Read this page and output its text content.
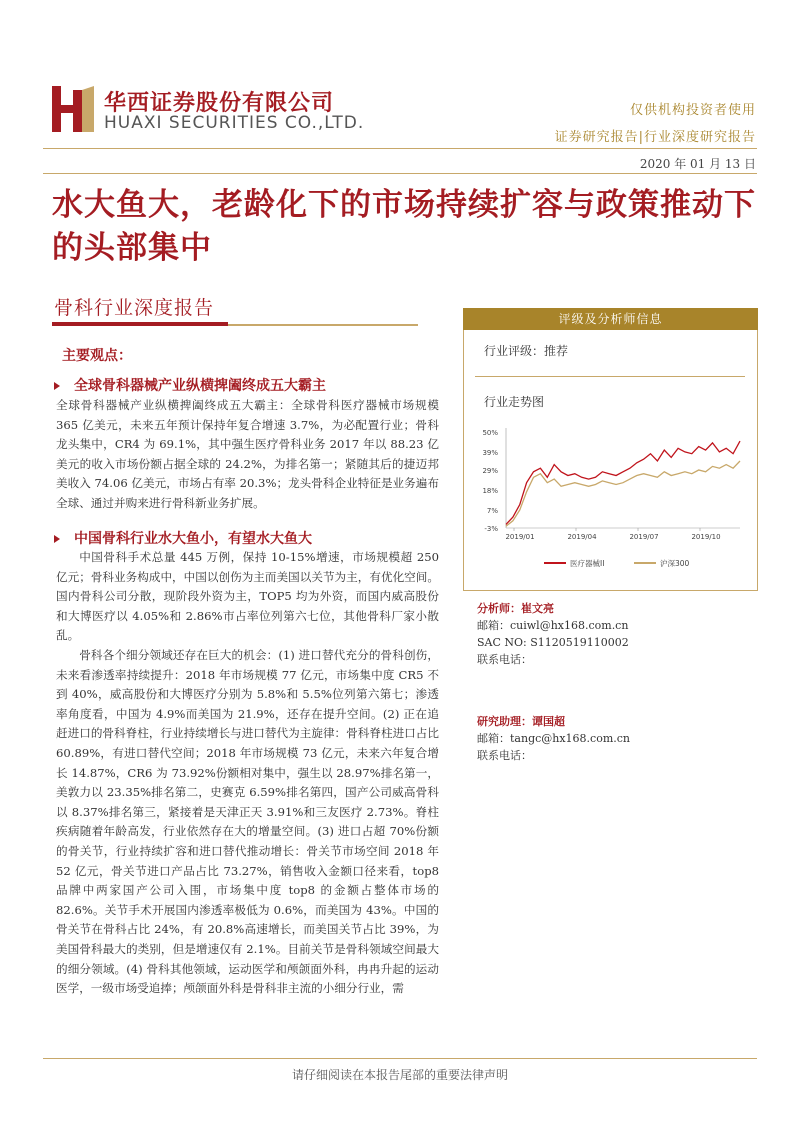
华西证券股份有限公司
HUAXI SECURITIES CO.,LTD.
仅供机构投资者使用
证券研究报告|行业深度研究报告
2020 年 01 月 13 日
水大鱼大，老龄化下的市场持续扩容与政策推动下的头部集中
骨科行业深度报告
主要观点：
全球骨科器械产业纵横捭阖终成五大霸主
全球骨科器械产业纵横捭阖终成五大霸主：全球骨科医疗器械市场规模 365 亿美元，未来五年预计保持年复合增速 3.7%，为必配置行业；骨科龙头集中，CR4 为 69.1%，其中强生医疗骨科业务 2017 年以 88.23 亿美元的收入市场份额占据全球的 24.2%，为排名第一；紧随其后的捷迈邦美收入 74.06 亿美元，市场占有率 20.3%；龙头骨科企业特征是业务遍布全球、通过并购来进行骨科新业务扩展。
中国骨科行业水大鱼小，有望水大鱼大
中国骨科手术总量 445 万例，保持 10-15%增速，市场规模超 250 亿元；骨科业务构成中，中国以创伤为主而美国以关节为主，有优化空间。国内骨科公司分散，现阶段外资为主，TOP5 均为外资，而国内威高股份和大博医疗以 4.05%和 2.86%市占率位列第六七位，其他骨科厂家小散乱。
骨科各个细分领域还存在巨大的机会：(1) 进口替代充分的骨科创伤，未来看渗透率持续提升：2018 年市场规模 77 亿元，市场集中度 CR5 不到 40%，威高股份和大博医疗分别为 5.8%和 5.5%位列第六第七；渗透率角度看，中国为 4.9%而美国为 21.9%，还存在提升空间。(2) 正在追赶进口的骨科脊柱，行业持续增长与进口替代为主旋律：骨科脊柱进口占比 60.89%，有进口替代空间；2018 年市场规模 73 亿元，未来六年复合增长 14.87%，CR6 为 73.92%份额相对集中，强生以 28.97%排名第一，美敦力以 23.35%排名第二，史赛克 6.59%排名第四，国产公司威高骨科以 8.37%排名第三，紧接着是天津正天 3.91%和三友医疗 2.73%。脊柱疾病随着年龄高发，行业依然存在大的增量空间。(3) 进口占超 70%份额的骨关节，行业持续扩容和进口替代推动增长：骨关节市场空间 2018 年 52 亿元，骨关节进口产品占比 73.27%，销售收入金额口径来看，top8 品牌中两家国产公司入围，市场集中度 top8 的金额占整体市场的 82.6%。关节手术开展国内渗透率极低为 0.6%，而美国为 43%。中国的骨关节在骨科占比 24%，有 20.8%高速增长，而美国关节占比 39%，为美国骨科最大的类别，但是增速仅有 2.1%。目前关节是骨科领域空间最大的细分领域。(4) 骨科其他领域，运动医学和颅颌面外科，冉冉升起的运动医学，一级市场受追捧；颅颌面外科是骨科非主流的小细分行业，需
评级及分析师信息
行业评级：推荐
行业走势图
50%
39%
29%
18%
7%
-3%
2019/01	2019/04	2019/07	2019/10
医疗器械II	沪深300
分析师：崔文亮
邮箱：cuiwl@hx168.com.cn
SAC NO: S1120519110002
联系电话：
研究助理：谭国超
邮箱：tangc@hx168.com.cn
联系电话：
请仔细阅读在本报告尾部的重要法律声明
